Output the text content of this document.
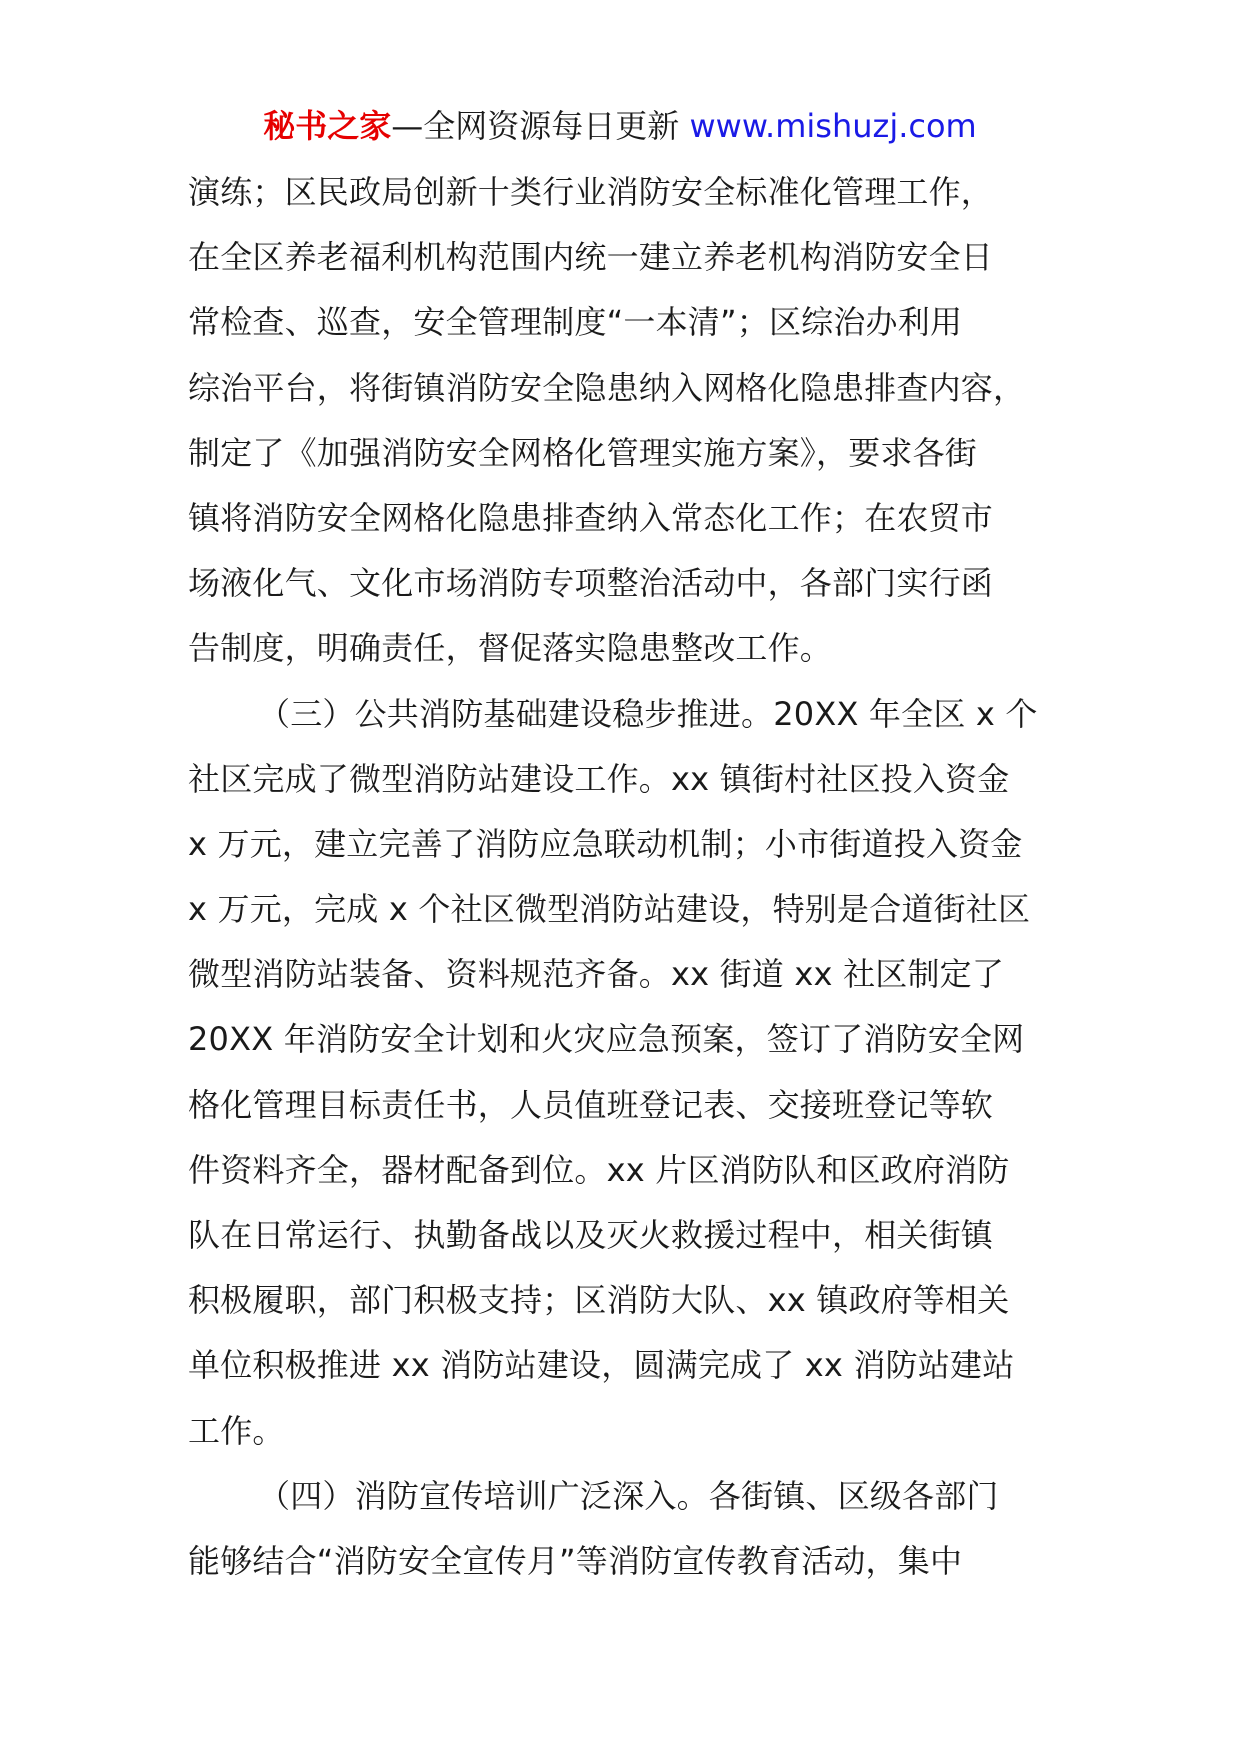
秘书之家—全网资源每日更新 www.mishuzj.com
演练；区民政局创新十类行业消防安全标准化管理工作，
在全区养老福利机构范围内统一建立养老机构消防安全日
常检查、巡查，安全管理制度“一本清”；区综治办利用
综治平台，将街镇消防安全隐患纳入网格化隐患排查内容，
制定了《加强消防安全网格化管理实施方案》，要求各街
镇将消防安全网格化隐患排查纳入常态化工作；在农贸市
场液化气、文化市场消防专项整治活动中，各部门实行函
告制度，明确责任，督促落实隐患整改工作。
（三）公共消防基础建设稳步推进。20XX 年全区 x 个
社区完成了微型消防站建设工作。xx 镇街村社区投入资金
x 万元，建立完善了消防应急联动机制；小市街道投入资金
x 万元，完成 x 个社区微型消防站建设，特别是合道街社区
微型消防站装备、资料规范齐备。xx 街道 xx 社区制定了
20XX 年消防安全计划和火灾应急预案，签订了消防安全网
格化管理目标责任书，人员值班登记表、交接班登记等软
件资料齐全，器材配备到位。xx 片区消防队和区政府消防
队在日常运行、执勤备战以及灭火救援过程中，相关街镇
积极履职，部门积极支持；区消防大队、xx 镇政府等相关
单位积极推进 xx 消防站建设，圆满完成了 xx 消防站建站
工作。
（四）消防宣传培训广泛深入。各街镇、区级各部门
能够结合“消防安全宣传月”等消防宣传教育活动，集中
